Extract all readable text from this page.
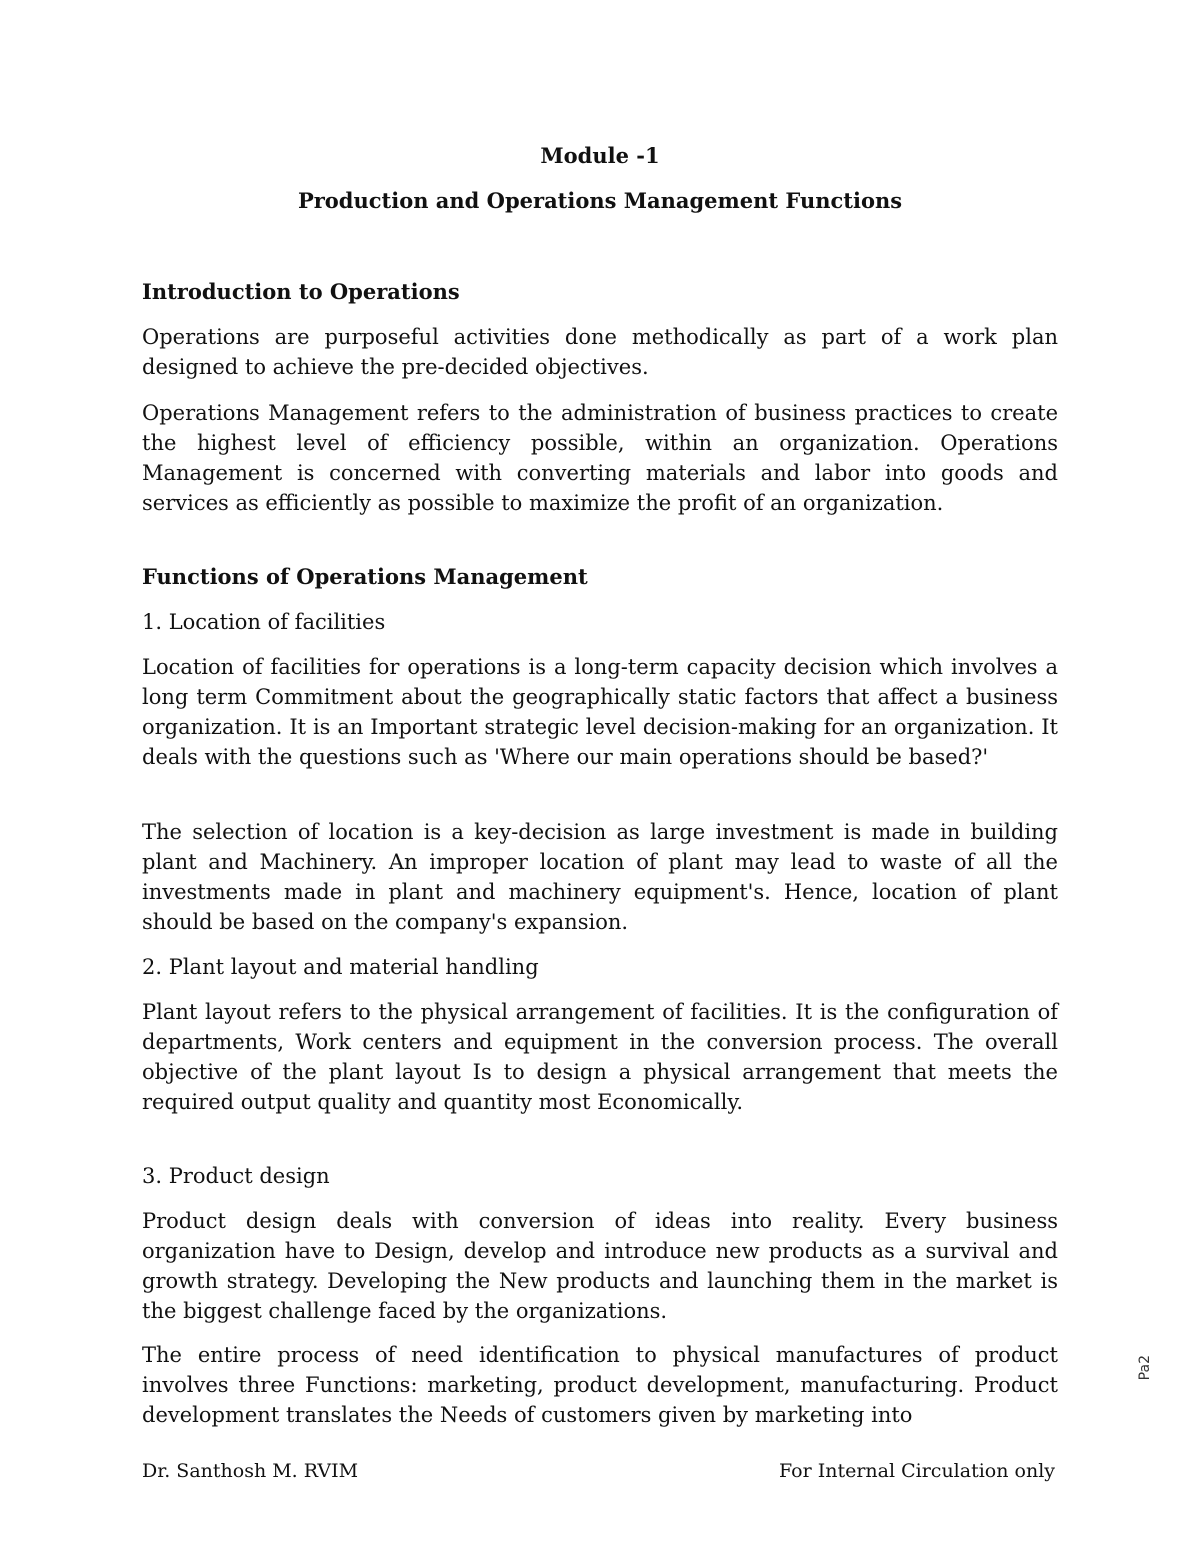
Module -1

Production and Operations Management Functions

Introduction to Operations

Operations are purposeful activities done methodically as part of a work plan designed to achieve the pre-decided objectives.

Operations Management refers to the administration of business practices to create the highest level of efficiency possible, within an organization. Operations Management is concerned with converting materials and labor into goods and services as efficiently as possible to maximize the profit of an organization.

Functions of Operations Management

1. Location of facilities

Location of facilities for operations is a long-term capacity decision which involves a long term Commitment about the geographically static factors that affect a business organization. It is an Important strategic level decision-making for an organization. It deals with the questions such as 'Where our main operations should be based?'

The selection of location is a key-decision as large investment is made in building plant and Machinery. An improper location of plant may lead to waste of all the investments made in plant and machinery equipment's. Hence, location of plant should be based on the company's expansion.

2. Plant layout and material handling

Plant layout refers to the physical arrangement of facilities. It is the configuration of departments, Work centers and equipment in the conversion process. The overall objective of the plant layout Is to design a physical arrangement that meets the required output quality and quantity most Economically.

3. Product design

Product design deals with conversion of ideas into reality. Every business organization have to Design, develop and introduce new products as a survival and growth strategy. Developing the New products and launching them in the market is the biggest challenge faced by the organizations.

The entire process of need identification to physical manufactures of product involves three Functions: marketing, product development, manufacturing. Product development translates the Needs of customers given by marketing into

Pa2
Dr. Santhosh M. RVIM	For Internal Circulation only
